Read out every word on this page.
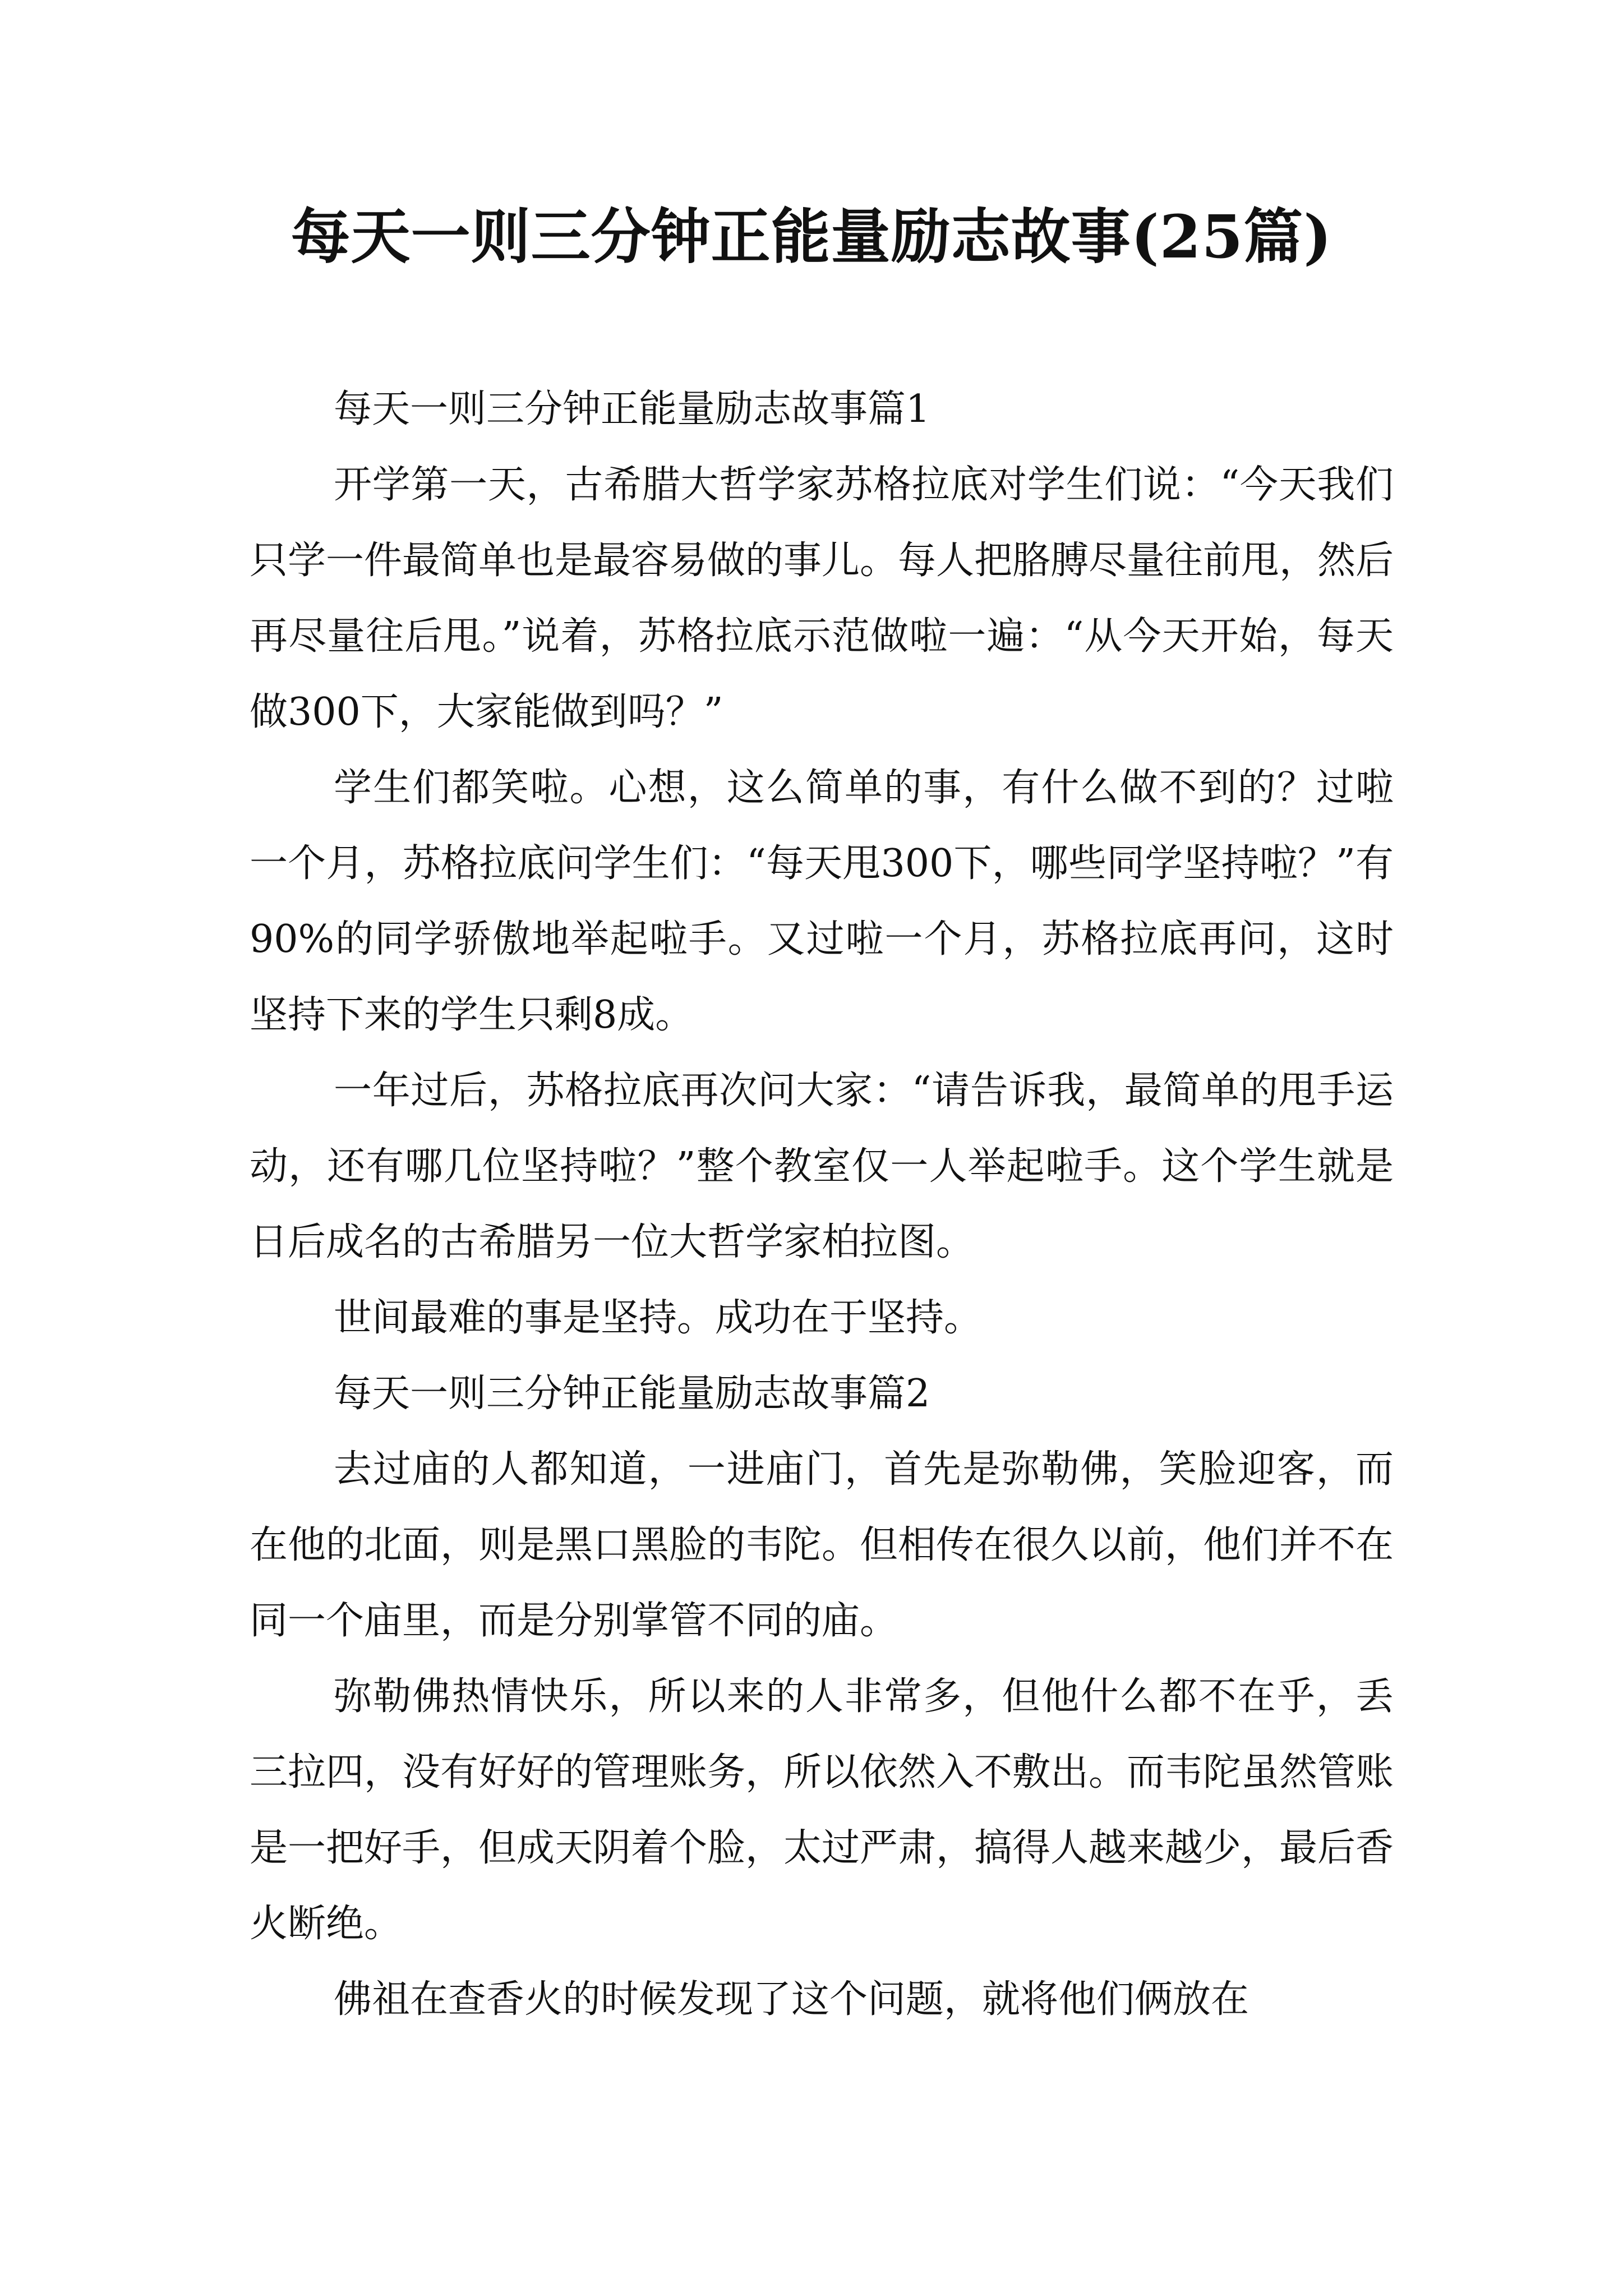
每天一则三分钟正能量励志故事(25篇)

每天一则三分钟正能量励志故事篇1

开学第一天，古希腊大哲学家苏格拉底对学生们说：“今天我们只学一件最简单也是最容易做的事儿。每人把胳膊尽量往前甩，然后再尽量往后甩。”说着，苏格拉底示范做啦一遍：“从今天开始，每天做300下，大家能做到吗？”

学生们都笑啦。心想，这么简单的事，有什么做不到的？过啦一个月，苏格拉底问学生们：“每天甩300下，哪些同学坚持啦？”有90%的同学骄傲地举起啦手。又过啦一个月，苏格拉底再问，这时坚持下来的学生只剩8成。

一年过后，苏格拉底再次问大家：“请告诉我，最简单的甩手运动，还有哪几位坚持啦？”整个教室仅一人举起啦手。这个学生就是日后成名的古希腊另一位大哲学家柏拉图。

世间最难的事是坚持。成功在于坚持。

每天一则三分钟正能量励志故事篇2

去过庙的人都知道，一进庙门，首先是弥勒佛，笑脸迎客，而在他的北面，则是黑口黑脸的韦陀。但相传在很久以前，他们并不在同一个庙里，而是分别掌管不同的庙。

弥勒佛热情快乐，所以来的人非常多，但他什么都不在乎，丢三拉四，没有好好的管理账务，所以依然入不敷出。而韦陀虽然管账是一把好手，但成天阴着个脸，太过严肃，搞得人越来越少，最后香火断绝。

佛祖在查香火的时候发现了这个问题，就将他们俩放在
